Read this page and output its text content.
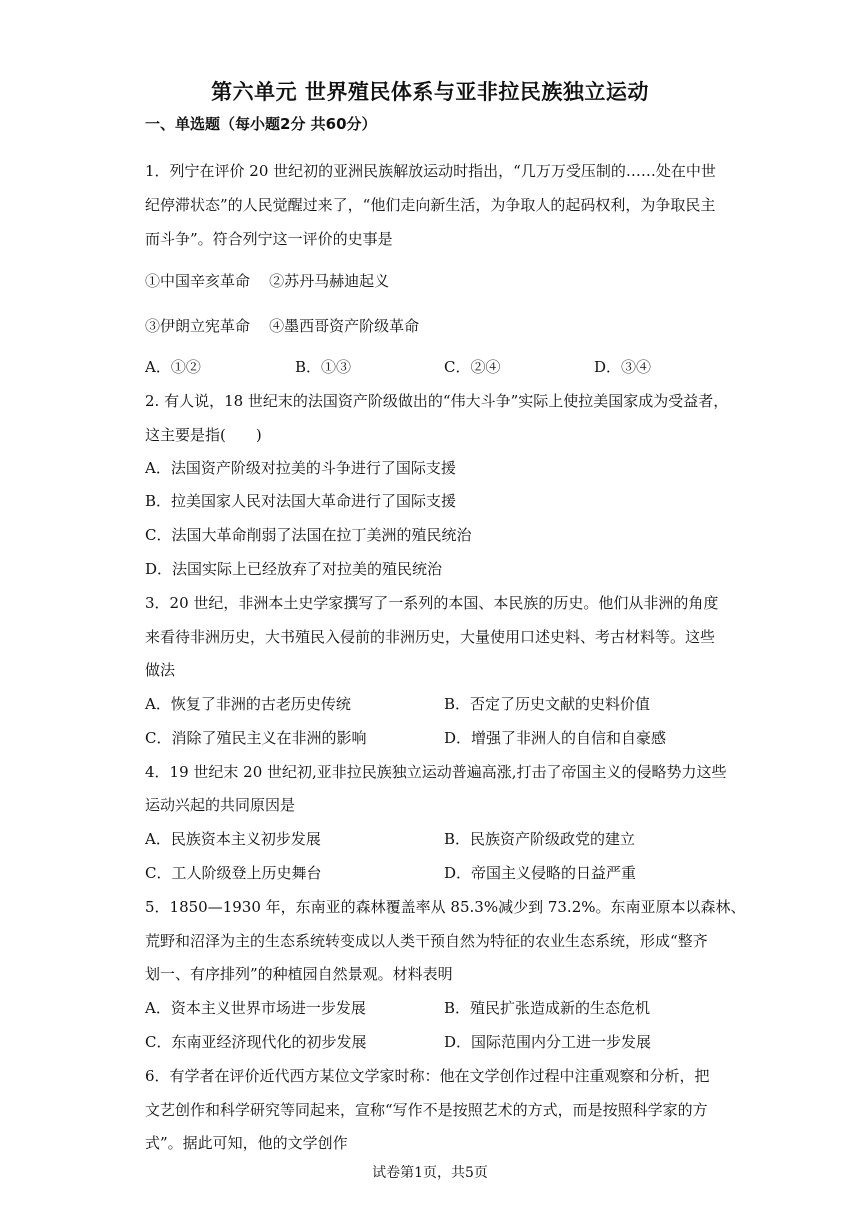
第六单元 世界殖民体系与亚非拉民族独立运动
一、单选题（每小题2分 共60分）
1．列宁在评价 20 世纪初的亚洲民族解放运动时指出，“几万万受压制的……处在中世
纪停滞状态”的人民觉醒过来了，“他们走向新生活，为争取人的起码权利，为争取民主
而斗争”。符合列宁这一评价的史事是
①中国辛亥革命    ②苏丹马赫迪起义
③伊朗立宪革命    ④墨西哥资产阶级革命
A．①②	B．①③	C．②④	D．③④
2. 有人说，18 世纪末的法国资产阶级做出的“伟大斗争”实际上使拉美国家成为受益者，
这主要是指(　　)
A．法国资产阶级对拉美的斗争进行了国际支援
B．拉美国家人民对法国大革命进行了国际支援
C．法国大革命削弱了法国在拉丁美洲的殖民统治
D．法国实际上已经放弃了对拉美的殖民统治
3．20 世纪，非洲本土史学家撰写了一系列的本国、本民族的历史。他们从非洲的角度
来看待非洲历史，大书殖民入侵前的非洲历史，大量使用口述史料、考古材料等。这些
做法
A．恢复了非洲的古老历史传统	B．否定了历史文献的史料价值
C．消除了殖民主义在非洲的影响	D．增强了非洲人的自信和自豪感
4．19 世纪末 20 世纪初,亚非拉民族独立运动普遍高涨,打击了帝国主义的侵略势力这些
运动兴起的共同原因是
A．民族资本主义初步发展	B．民族资产阶级政党的建立
C．工人阶级登上历史舞台	D．帝国主义侵略的日益严重
5．1850—1930 年，东南亚的森林覆盖率从 85.3%减少到 73.2%。东南亚原本以森林、
荒野和沼泽为主的生态系统转变成以人类干预自然为特征的农业生态系统，形成“整齐
划一、有序排列”的种植园自然景观。材料表明
A．资本主义世界市场进一步发展	B．殖民扩张造成新的生态危机
C．东南亚经济现代化的初步发展	D．国际范围内分工进一步发展
6．有学者在评价近代西方某位文学家时称：他在文学创作过程中注重观察和分析，把
文艺创作和科学研究等同起来，宣称“写作不是按照艺术的方式，而是按照科学家的方
式”。据此可知，他的文学创作
试卷第1页，共5页
